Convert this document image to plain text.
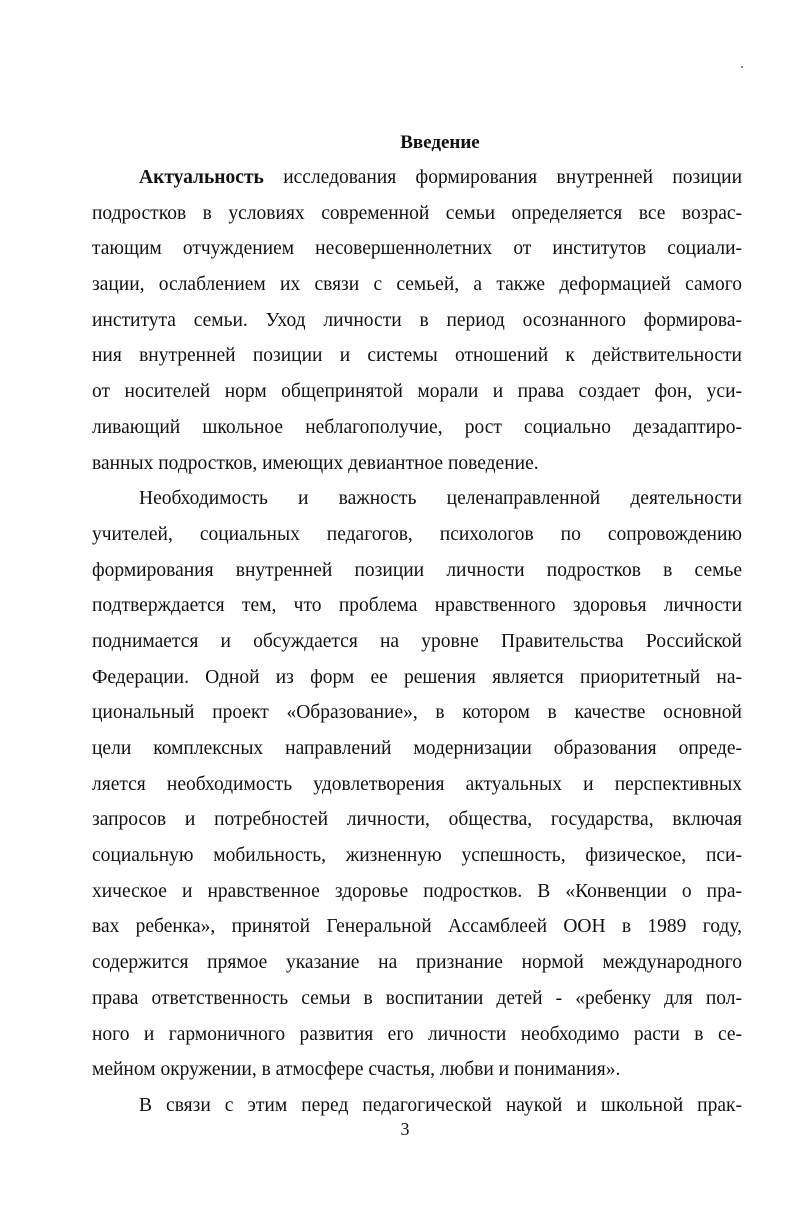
Введение
Актуальность исследования формирования внутренней позиции
подростков в условиях современной семьи определяется все возрас-
тающим отчуждением несовершеннолетних от институтов социали-
зации, ослаблением их связи с семьей, а также деформацией самого
института семьи. Уход личности в период осознанного формирова-
ния внутренней позиции и системы отношений к действительности
от носителей норм общепринятой морали и права создает фон, уси-
ливающий школьное неблагополучие, рост социально дезадаптиро-
ванных подростков, имеющих девиантное поведение.
Необходимость и важность целенаправленной деятельности
учителей, социальных педагогов, психологов по сопровождению
формирования внутренней позиции личности подростков в семье
подтверждается тем, что проблема нравственного здоровья личности
поднимается и обсуждается на уровне Правительства Российской
Федерации. Одной из форм ее решения является приоритетный на-
циональный проект «Образование», в котором в качестве основной
цели комплексных направлений модернизации образования опреде-
ляется необходимость удовлетворения актуальных и перспективных
запросов и потребностей личности, общества, государства, включая
социальную мобильность, жизненную успешность, физическое, пси-
хическое и нравственное здоровье подростков. В «Конвенции о пра-
вах ребенка», принятой Генеральной Ассамблеей ООН в 1989 году,
содержится прямое указание на признание нормой международного
права ответственность семьи в воспитании детей - «ребенку для пол-
ного и гармоничного развития его личности необходимо расти в се-
мейном окружении, в атмосфере счастья, любви и понимания».
В связи с этим перед педагогической наукой и школьной прак-
3
